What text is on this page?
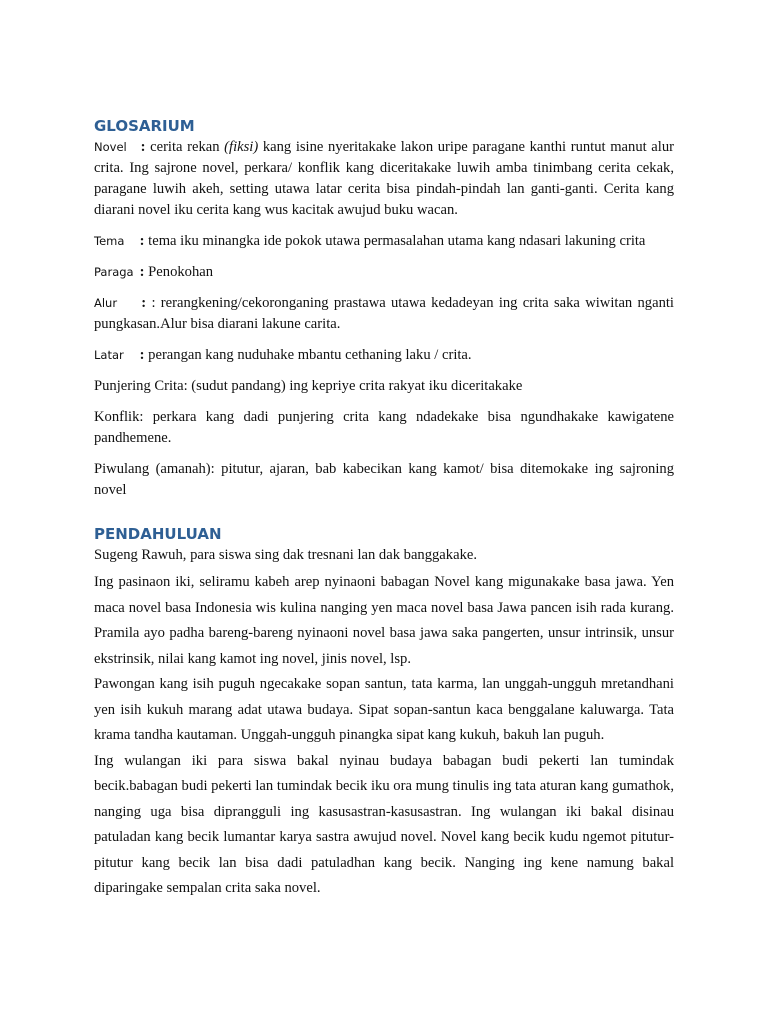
GLOSARIUM

Novel : cerita rekan (fiksi) kang isine nyeritakake lakon uripe paragane kanthi runtut manut alur crita. Ing sajrone novel, perkara/ konflik kang diceritakake luwih amba tinimbang cerita cekak, paragane luwih akeh, setting utawa latar cerita bisa pindah-pindah lan ganti-ganti. Cerita kang diarani novel iku cerita kang wus kacitak awujud buku wacan.

Tema : tema iku minangka ide pokok utawa permasalahan utama kang ndasari lakuning crita

Paraga : Penokohan

Alur : : rerangkening/cekoronganing prastawa utawa kedadeyan ing crita saka wiwitan nganti pungkasan.Alur bisa diarani lakune carita.

Latar : perangan kang nuduhake mbantu cethaning laku / crita.

Punjering Crita: (sudut pandang) ing kepriye crita rakyat iku diceritakake

Konflik: perkara kang dadi punjering crita kang ndadekake bisa ngundhakake kawigatene pandhemene.

Piwulang (amanah): pitutur, ajaran, bab kabecikan kang kamot/ bisa ditemokake ing sajroning novel

PENDAHULUAN

Sugeng Rawuh, para siswa sing dak tresnani lan dak banggakake.

Ing pasinaon iki, seliramu kabeh arep nyinaoni babagan Novel kang migunakake basa jawa. Yen maca novel basa Indonesia wis kulina nanging yen maca novel basa Jawa pancen isih rada kurang. Pramila ayo padha bareng-bareng nyinaoni novel basa jawa saka pangerten, unsur intrinsik, unsur ekstrinsik, nilai kang kamot ing novel, jinis novel, lsp.

Pawongan kang isih puguh ngecakake sopan santun, tata karma, lan unggah-ungguh mretandhani yen isih kukuh marang adat utawa budaya. Sipat sopan-santun kaca benggalane kaluwarga. Tata krama tandha kautaman. Unggah-ungguh pinangka sipat kang kukuh, bakuh lan puguh.

Ing wulangan iki para siswa bakal nyinau budaya babagan budi pekerti lan tumindak becik.babagan budi pekerti lan tumindak becik iku ora mung tinulis ing tata aturan kang gumathok, nanging uga bisa diprangguli ing kasusastran-kasusastran. Ing wulangan iki bakal disinau patuladan kang becik lumantar karya sastra awujud novel. Novel kang becik kudu ngemot pitutur-pitutur kang becik lan bisa dadi patuladhan kang becik. Nanging ing kene namung bakal diparingake sempalan crita saka novel.
